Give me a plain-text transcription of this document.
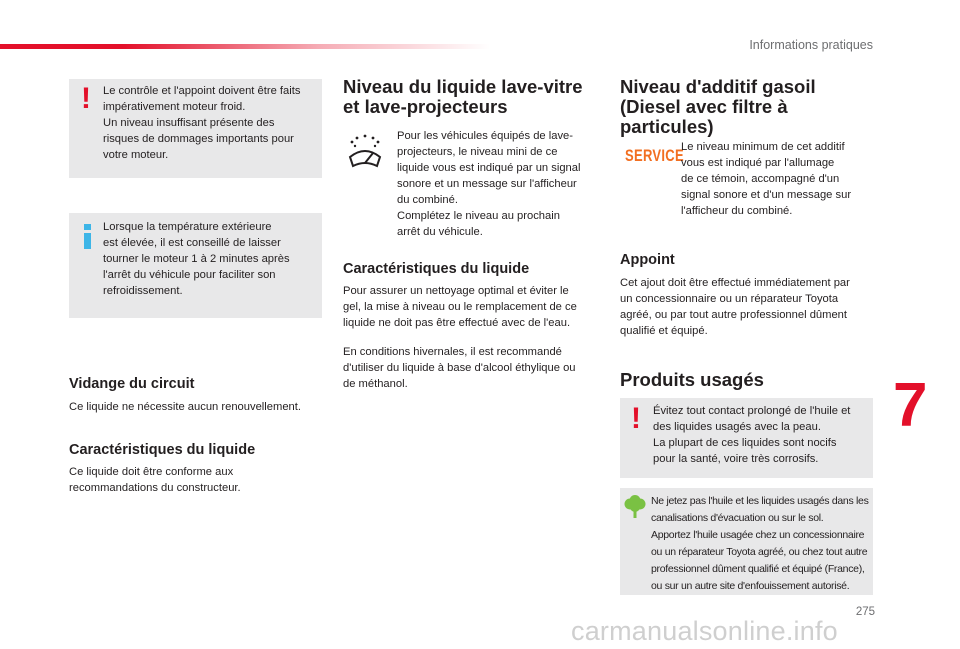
Informations pratiques
! Le contrôle et l'appoint doivent être faits

impérativement moteur froid.

Un niveau insuffisant présente des

risques de dommages importants pour

votre moteur.

Lorsque la température extérieure

est élevée, il est conseillé de laisser

tourner le moteur 1 à 2 minutes après

l'arrêt du véhicule pour faciliter son

refroidissement.

Vidange du circuit
Ce liquide ne nécessite aucun renouvellement.
Caractéristiques du liquide
Ce liquide doit être conforme aux
recommandations du constructeur.
Niveau du liquide lave-vitre
et lave-projecteurs
Pour les véhicules équipés de lave-
projecteurs, le niveau mini de ce
liquide vous est indiqué par un signal
sonore et un message sur l'afficheur
du combiné.
Complétez le niveau au prochain
arrêt du véhicule.
Caractéristiques du liquide
Pour assurer un nettoyage optimal et éviter le
gel, la mise à niveau ou le remplacement de ce
liquide ne doit pas être effectué avec de l'eau.
En conditions hivernales, il est recommandé
d'utiliser du liquide à base d'alcool éthylique ou
de méthanol.
Niveau d'additif gasoil
(Diesel avec filtre à
particules)
SERVICE
Le niveau minimum de cet additif
vous est indiqué par l'allumage
de ce témoin, accompagné d'un
signal sonore et d'un message sur
l'afficheur du combiné.
Appoint
Cet ajout doit être effectué immédiatement par
un concessionnaire ou un réparateur Toyota
agréé, ou par tout autre professionnel dûment
qualifié et équipé.
Produits usagés
! Évitez tout contact prolongé de l'huile et

des liquides usagés avec la peau.

La plupart de ces liquides sont nocifs

pour la santé, voire très corrosifs.

Ne jetez pas l'huile et les liquides usagés dans les
canalisations d'évacuation ou sur le sol.
Apportez l'huile usagée chez un concessionnaire
ou un réparateur Toyota agréé, ou chez tout autre
professionnel dûment qualifié et équipé (France),
ou sur un autre site d'enfouissement autorisé.
7
275
carmanualsonline.info
